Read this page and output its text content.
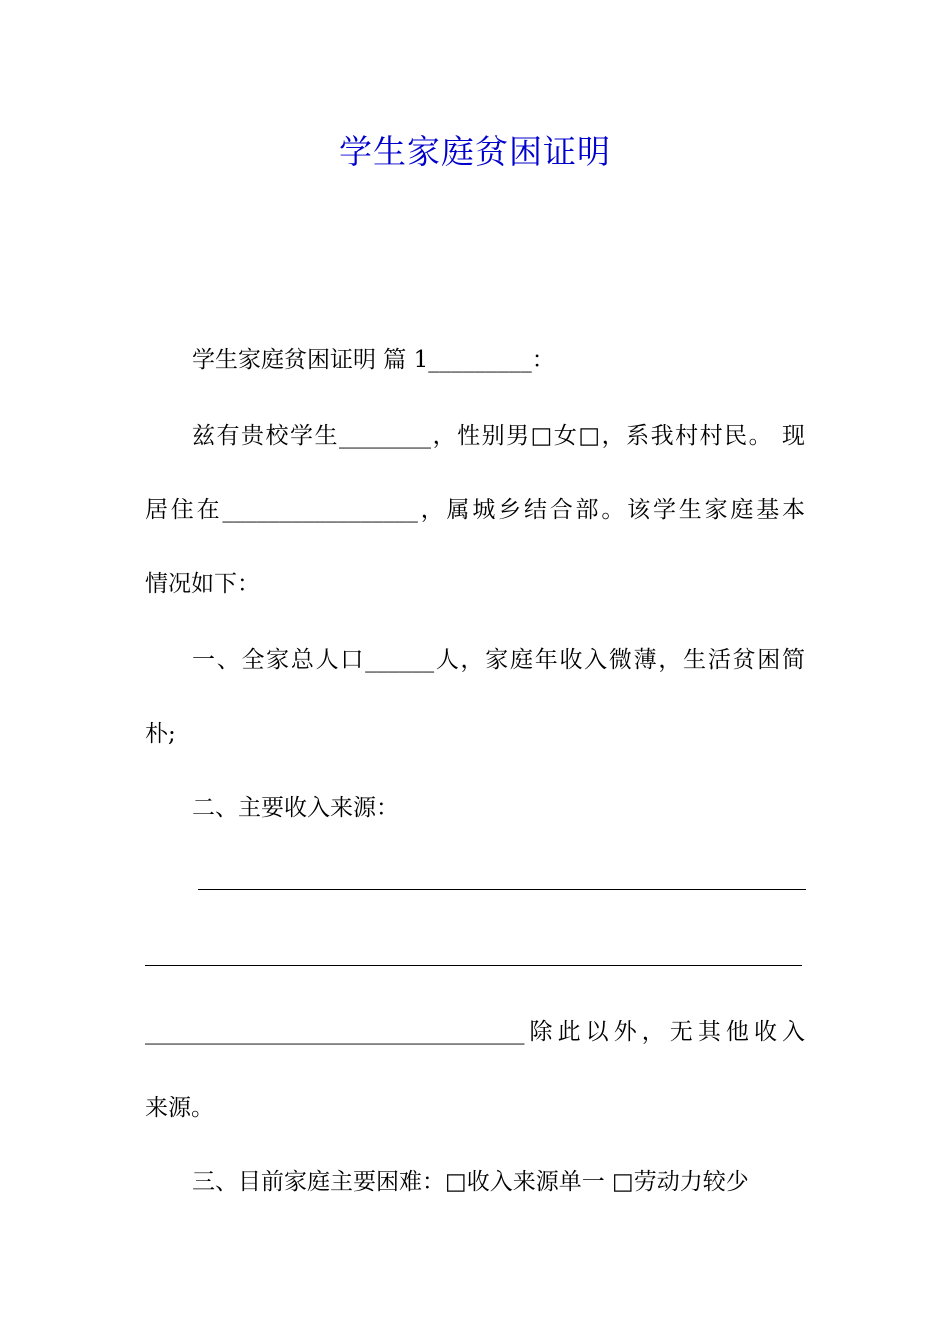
学生家庭贫困证明
学生家庭贫困证明 篇 1_________：
兹有贵校学生________，性别男□女□，系我村村民。 现
居住在_________________，属城乡结合部。该学生家庭基本
情况如下：
一、全家总人口______人，家庭年收入微薄，生活贫困简
朴;
二、主要收入来源：
_________________________________除此以外，无其他收入
来源。
三、目前家庭主要困难：□收入来源单一 □劳动力较少
